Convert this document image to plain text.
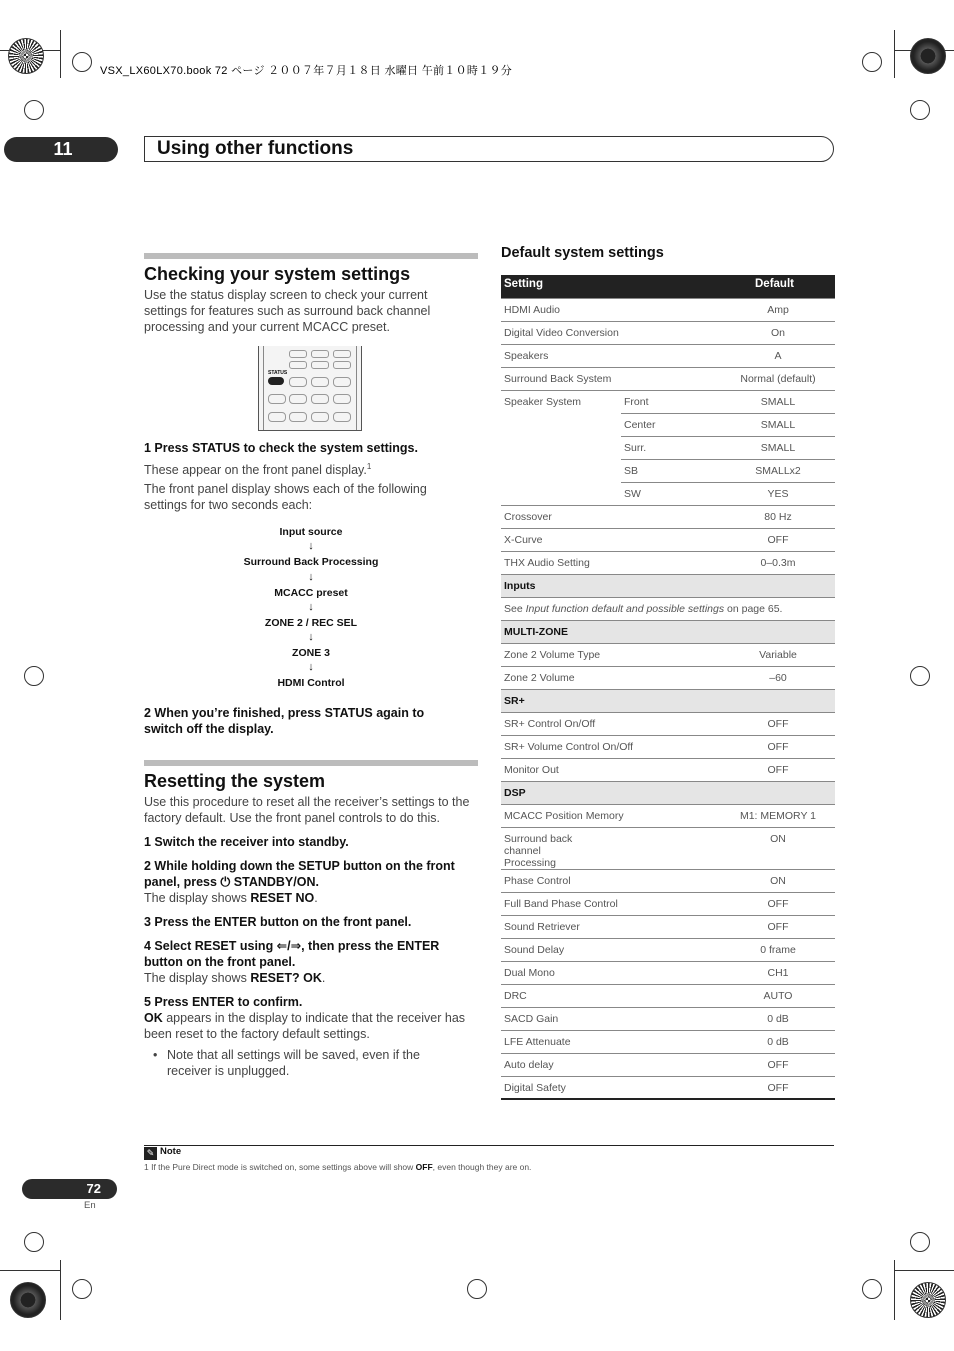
VSX_LX60LX70.book 72 ページ ２００７年７月１８日 水曜日 午前１０時１９分
11	Using other functions
Checking your system settings
Use the status display screen to check your current settings for features such as surround back channel processing and your current MCACC preset.
STATUS
1 Press STATUS to check the system settings.
These appear on the front panel display.$^1$
The front panel display shows each of the following settings for two seconds each:
Input source
↓
Surround Back Processing
↓
MCACC preset
↓
ZONE 2 / REC SEL
↓
ZONE 3
↓
HDMI Control
2 When you’re finished, press STATUS again to switch off the display.
Resetting the system
Use this procedure to reset all the receiver’s settings to the factory default. Use the front panel controls to do this.
1 Switch the receiver into standby.
2 While holding down the SETUP button on the front panel, press ⏻ STANDBY/ON.
The display shows RESET NO.
3 Press the ENTER button on the front panel.
4 Select RESET using ⇐/⇒, then press the ENTER button on the front panel.
The display shows RESET? OK.
5 Press ENTER to confirm.
OK appears in the display to indicate that the receiver has been reset to the factory default settings.
• Note that all settings will be saved, even if the receiver is unplugged.
Default system settings
Setting		Default
HDMI Audio		Amp
Digital Video Conversion		On
Speakers		A
Surround Back System		Normal (default)
Speaker System	Front	SMALL
	Center	SMALL
	Surr.	SMALL
	SB	SMALLx2
	SW	YES
Crossover		80 Hz
X-Curve		OFF
THX Audio Setting		0–0.3m
Inputs		
See Input function default and possible settings on page 65.		
MULTI-ZONE		
Zone 2 Volume Type		Variable
Zone 2 Volume		–60
SR+		
SR+ Control On/Off		OFF
SR+ Volume Control On/Off		OFF
Monitor Out		OFF
DSP		
MCACC Position Memory		M1: MEMORY 1
Surround back channel Processing		ON
Phase Control		ON
Full Band Phase Control		OFF
Sound Retriever		OFF
Sound Delay		0 frame
Dual Mono		CH1
DRC		AUTO
SACD Gain		0 dB
LFE Attenuate		0 dB
Auto delay		OFF
Digital Safety		OFF
✎ Note
1 If the Pure Direct mode is switched on, some settings above will show OFF, even though they are on.
72
En
